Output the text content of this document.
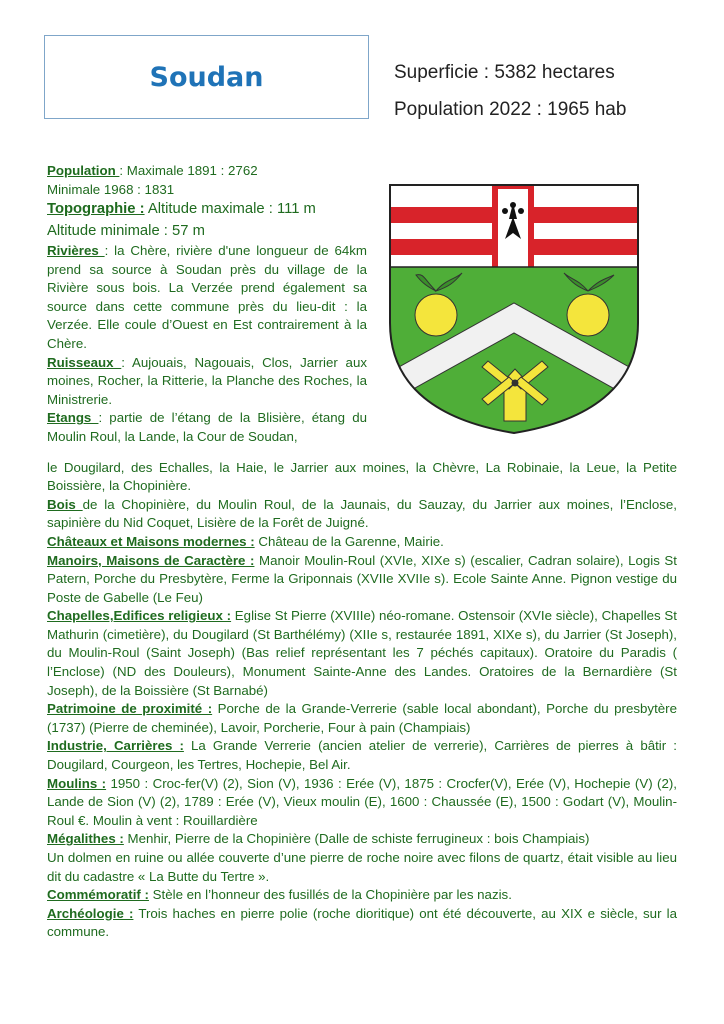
Soudan	Superficie : 5382 hectares
Population 2022 : 1965 hab

Population : Maximale 1891 : 2762
Minimale 1968 : 1831

Topographie : Altitude maximale : 111 m
Altitude minimale : 57 m

Rivières : la Chère, rivière d'une longueur de 64km prend sa source à Soudan près du village de la Rivière sous bois. La Verzée prend également sa source dans cette commune près du lieu-dit : la Verzée. Elle coule d’Ouest en Est contrairement à la Chère.

Ruisseaux : Aujouais, Nagouais, Clos, Jarrier aux moines, Rocher, la Ritterie, la Planche des Roches, la Ministrerie.

Etangs : partie de l’étang de la Blisière, étang du Moulin Roul, la Lande, la Cour de Soudan,

le Dougilard, des Echalles, la Haie, le Jarrier aux moines, la Chèvre, La Robinaie, la Leue, la Petite Boissière, la Chopinière.

Bois de la Chopinière, du Moulin Roul, de la Jaunais, du Sauzay, du Jarrier aux moines, l’Enclose, sapinière du Nid Coquet, Lisière de la Forêt de Juigné.

Châteaux et Maisons modernes : Château de la Garenne, Mairie.

Manoirs, Maisons de Caractère : Manoir Moulin-Roul (XVIe, XIXe s) (escalier, Cadran solaire), Logis St Patern, Porche du Presbytère, Ferme la Griponnais (XVIIe XVIIe s). Ecole Sainte Anne. Pignon vestige du Poste de Gabelle (Le Feu)

Chapelles,Edifices religieux : Eglise St Pierre (XVIIIe) néo-romane. Ostensoir (XVIe siècle), Chapelles St Mathurin (cimetière), du Dougilard (St Barthélémy) (XIIe s, restaurée 1891, XIXe s), du Jarrier (St Joseph), du Moulin-Roul (Saint Joseph) (Bas relief représentant les 7 péchés capitaux). Oratoire du Paradis ( l’Enclose) (ND des Douleurs), Monument Sainte-Anne des Landes. Oratoires de la Bernardière (St Joseph), de la Boissière (St Barnabé)

Patrimoine de proximité : Porche de la Grande-Verrerie (sable local abondant), Porche du presbytère (1737) (Pierre de cheminée), Lavoir, Porcherie, Four à pain (Champiais)

Industrie, Carrières : La Grande Verrerie (ancien atelier de verrerie), Carrières de pierres à bâtir : Dougilard, Courgeon, les Tertres, Hochepie, Bel Air.

Moulins : 1950 : Croc-fer(V) (2), Sion (V), 1936 : Erée (V), 1875 : Crocfer(V), Erée (V), Hochepie (V) (2), Lande de Sion (V) (2), 1789 : Erée (V), Vieux moulin (E), 1600 : Chaussée (E), 1500 : Godart (V), Moulin-Roul €. Moulin à vent : Rouillardière

Mégalithes : Menhir, Pierre de la Chopinière (Dalle de schiste ferrugineux : bois Champiais)

Un dolmen en ruine ou allée couverte d’une pierre de roche noire avec filons de quartz, était visible au lieu dit du cadastre « La Butte du Tertre ».

Commémoratif : Stèle en l’honneur des fusillés de la Chopinière par les nazis.

Archéologie : Trois haches en pierre polie (roche dioritique) ont été découverte, au XIX e siècle, sur la commune.
